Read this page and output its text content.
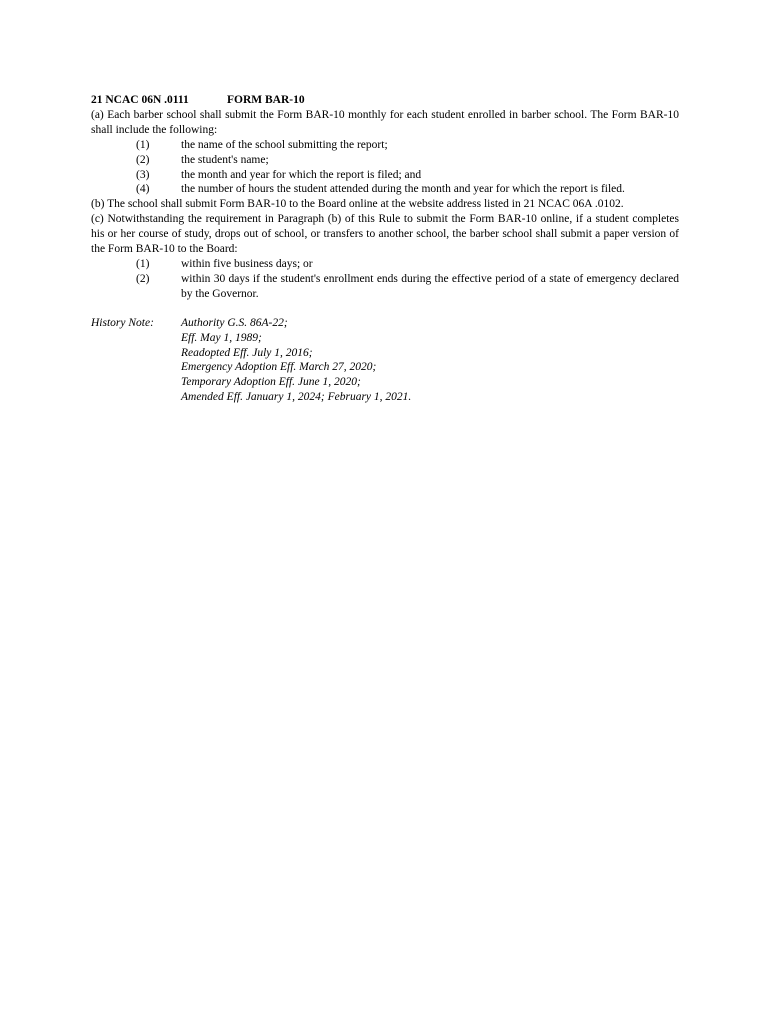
21 NCAC 06N .0111	FORM BAR-10
(a) Each barber school shall submit the Form BAR-10 monthly for each student enrolled in barber school. The Form BAR-10 shall include the following:
(1)	the name of the school submitting the report;
(2)	the student's name;
(3)	the month and year for which the report is filed; and
(4)	the number of hours the student attended during the month and year for which the report is filed.
(b) The school shall submit Form BAR-10 to the Board online at the website address listed in 21 NCAC 06A .0102.
(c) Notwithstanding the requirement in Paragraph (b) of this Rule to submit the Form BAR-10 online, if a student completes his or her course of study, drops out of school, or transfers to another school, the barber school shall submit a paper version of the Form BAR-10 to the Board:
(1)	within five business days; or
(2)	within 30 days if the student's enrollment ends during the effective period of a state of emergency declared by the Governor.
History Note:	Authority G.S. 86A-22;
Eff. May 1, 1989;
Readopted Eff. July 1, 2016;
Emergency Adoption Eff. March 27, 2020;
Temporary Adoption Eff. June 1, 2020;
Amended Eff. January 1, 2024; February 1, 2021.
